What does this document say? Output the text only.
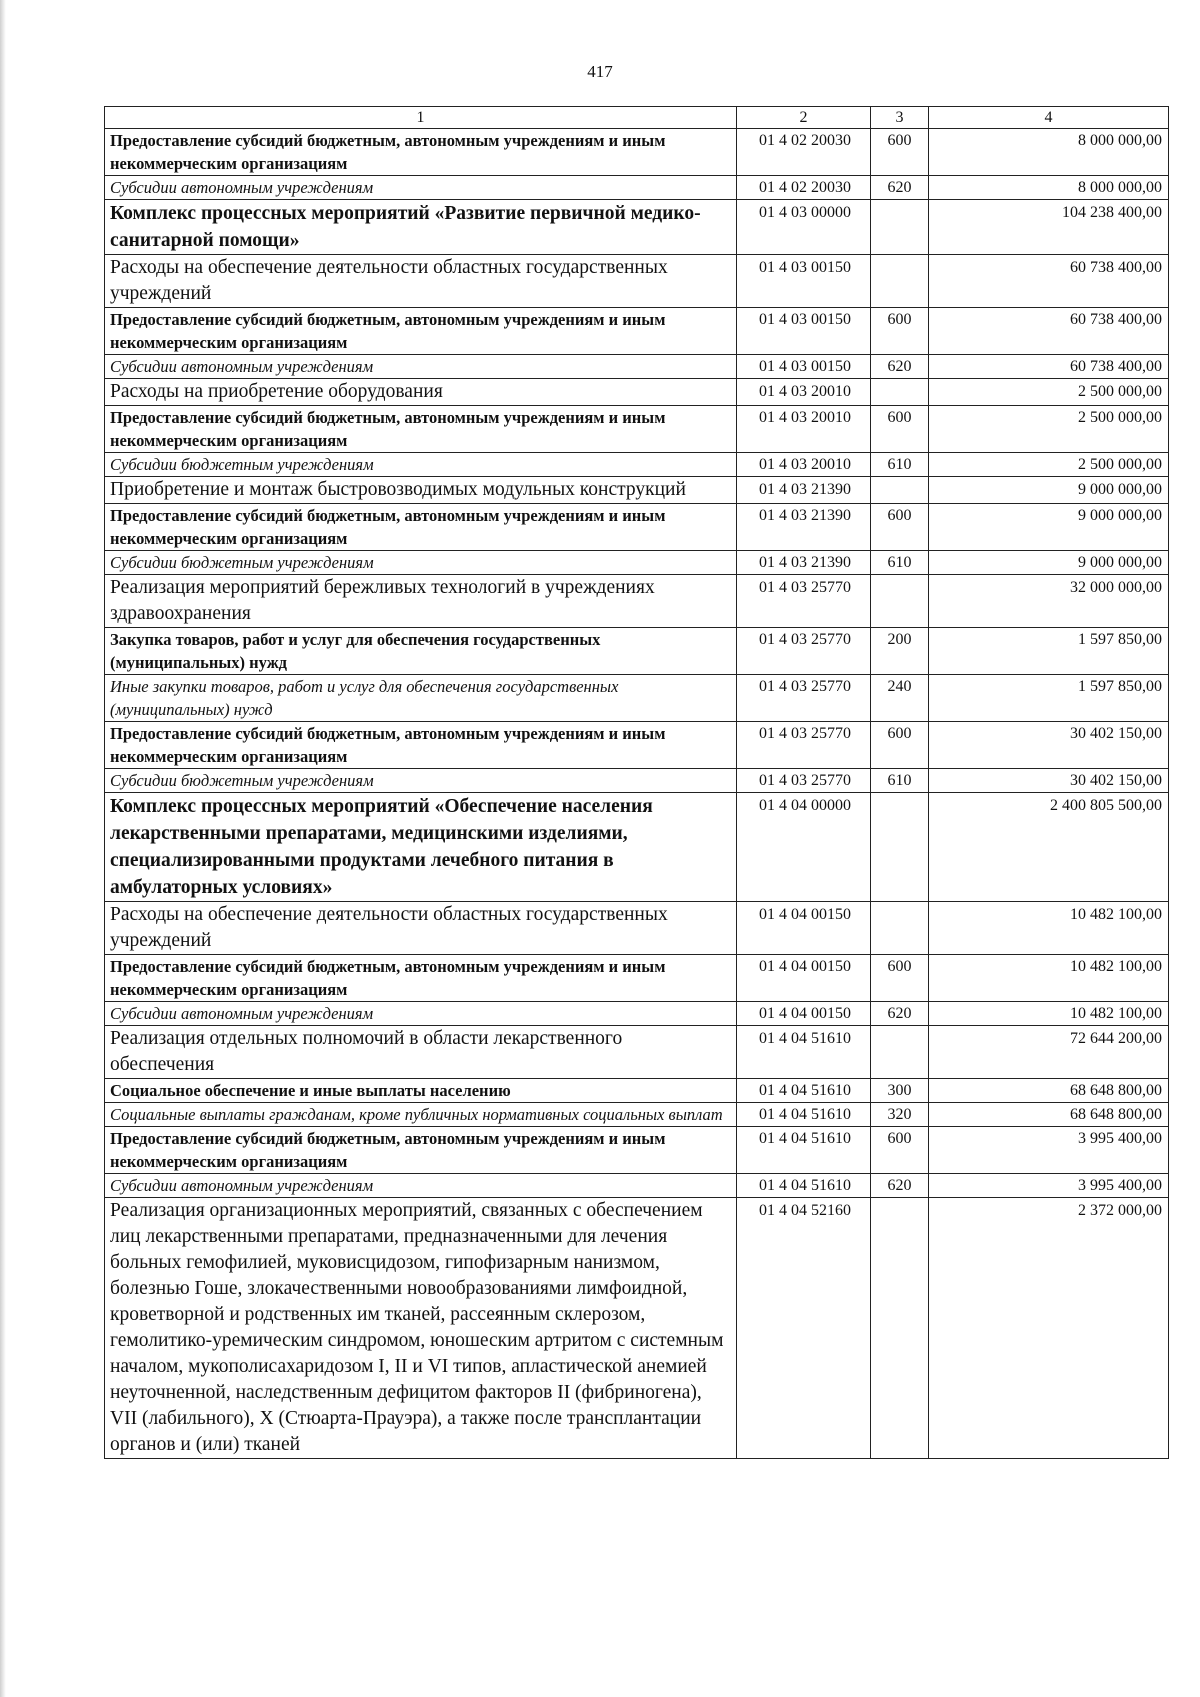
417
1	2	3	4
Предоставление субсидий бюджетным, автономным учреждениям и иным некоммерческим организациям	01 4 02 20030	600	8 000 000,00
Субсидии автономным учреждениям	01 4 02 20030	620	8 000 000,00
Комплекс процессных мероприятий «Развитие первичной медико-санитарной помощи»	01 4 03 00000		104 238 400,00
Расходы на обеспечение деятельности областных государственных учреждений	01 4 03 00150		60 738 400,00
Предоставление субсидий бюджетным, автономным учреждениям и иным некоммерческим организациям	01 4 03 00150	600	60 738 400,00
Субсидии автономным учреждениям	01 4 03 00150	620	60 738 400,00
Расходы на приобретение оборудования	01 4 03 20010		2 500 000,00
Предоставление субсидий бюджетным, автономным учреждениям и иным некоммерческим организациям	01 4 03 20010	600	2 500 000,00
Субсидии бюджетным учреждениям	01 4 03 20010	610	2 500 000,00
Приобретение и монтаж быстровозводимых модульных конструкций	01 4 03 21390		9 000 000,00
Предоставление субсидий бюджетным, автономным учреждениям и иным некоммерческим организациям	01 4 03 21390	600	9 000 000,00
Субсидии бюджетным учреждениям	01 4 03 21390	610	9 000 000,00
Реализация мероприятий бережливых технологий в учреждениях здравоохранения	01 4 03 25770		32 000 000,00
Закупка товаров, работ и услуг для обеспечения государственных (муниципальных) нужд	01 4 03 25770	200	1 597 850,00
Иные закупки товаров, работ и услуг для обеспечения государственных (муниципальных) нужд	01 4 03 25770	240	1 597 850,00
Предоставление субсидий бюджетным, автономным учреждениям и иным некоммерческим организациям	01 4 03 25770	600	30 402 150,00
Субсидии бюджетным учреждениям	01 4 03 25770	610	30 402 150,00
Комплекс процессных мероприятий «Обеспечение населения лекарственными препаратами, медицинскими изделиями, специализированными продуктами лечебного питания в амбулаторных условиях»	01 4 04 00000		2 400 805 500,00
Расходы на обеспечение деятельности областных государственных учреждений	01 4 04 00150		10 482 100,00
Предоставление субсидий бюджетным, автономным учреждениям и иным некоммерческим организациям	01 4 04 00150	600	10 482 100,00
Субсидии автономным учреждениям	01 4 04 00150	620	10 482 100,00
Реализация отдельных полномочий в области лекарственного обеспечения	01 4 04 51610		72 644 200,00
Социальное обеспечение и иные выплаты населению	01 4 04 51610	300	68 648 800,00
Социальные выплаты гражданам, кроме публичных нормативных социальных выплат	01 4 04 51610	320	68 648 800,00
Предоставление субсидий бюджетным, автономным учреждениям и иным некоммерческим организациям	01 4 04 51610	600	3 995 400,00
Субсидии автономным учреждениям	01 4 04 51610	620	3 995 400,00
Реализация организационных мероприятий, связанных с обеспечением лиц лекарственными препаратами, предназначенными для лечения больных гемофилией, муковисцидозом, гипофизарным нанизмом, болезнью Гоше, злокачественными новообразованиями лимфоидной, кроветворной и родственных им тканей, рассеянным склерозом, гемолитико-уремическим синдромом, юношеским артритом с системным началом, мукополисахаридозом I, II и VI типов, апластической анемией неуточненной, наследственным дефицитом факторов II (фибриногена), VII (лабильного), X (Стюарта-Прауэра), а также после трансплантации органов и (или) тканей	01 4 04 52160		2 372 000,00
